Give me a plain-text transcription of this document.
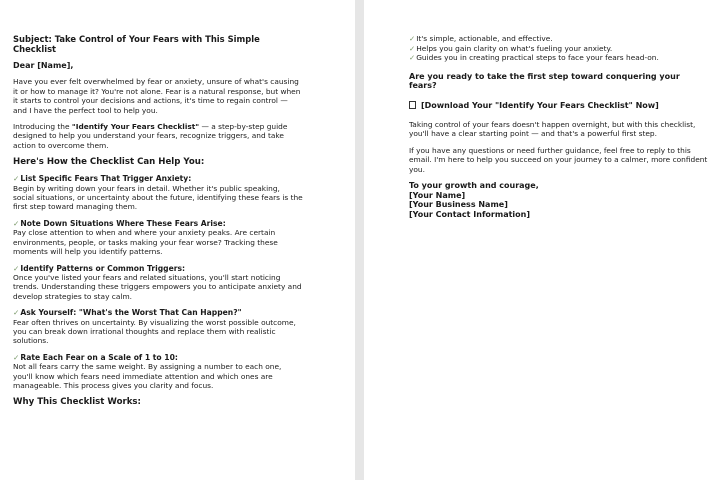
Subject: Take Control of Your Fears with This Simple Checklist

Dear [Name],

Have you ever felt overwhelmed by fear or anxiety, unsure of what's causing it or how to manage it? You're not alone. Fear is a natural response, but when it starts to control your decisions and actions, it's time to regain control — and I have the perfect tool to help you.

Introducing the "Identify Your Fears Checklist" — a step-by-step guide designed to help you understand your fears, recognize triggers, and take action to overcome them.

Here's How the Checklist Can Help You:

✓List Specific Fears That Trigger Anxiety:

Begin by writing down your fears in detail. Whether it's public speaking, social situations, or uncertainty about the future, identifying these fears is the first step toward managing them.

✓Note Down Situations Where These Fears Arise:

Pay close attention to when and where your anxiety peaks. Are certain environments, people, or tasks making your fear worse? Tracking these moments will help you identify patterns.

✓Identify Patterns or Common Triggers:

Once you've listed your fears and related situations, you'll start noticing trends. Understanding these triggers empowers you to anticipate anxiety and develop strategies to stay calm.

✓Ask Yourself: "What's the Worst That Can Happen?"

Fear often thrives on uncertainty. By visualizing the worst possible outcome, you can break down irrational thoughts and replace them with realistic solutions.

✓Rate Each Fear on a Scale of 1 to 10:

Not all fears carry the same weight. By assigning a number to each one, you'll know which fears need immediate attention and which ones are manageable. This process gives you clarity and focus.

Why This Checklist Works:

✓It's simple, actionable, and effective.

✓Helps you gain clarity on what's fueling your anxiety.

✓Guides you in creating practical steps to face your fears head-on.

Are you ready to take the first step toward conquering your fears?

[Download Your "Identify Your Fears Checklist" Now]

Taking control of your fears doesn't happen overnight, but with this checklist, you'll have a clear starting point — and that's a powerful first step.

If you have any questions or need further guidance, feel free to reply to this email. I'm here to help you succeed on your journey to a calmer, more confident you.

To your growth and courage,

[Your Name]

[Your Business Name]

[Your Contact Information]
